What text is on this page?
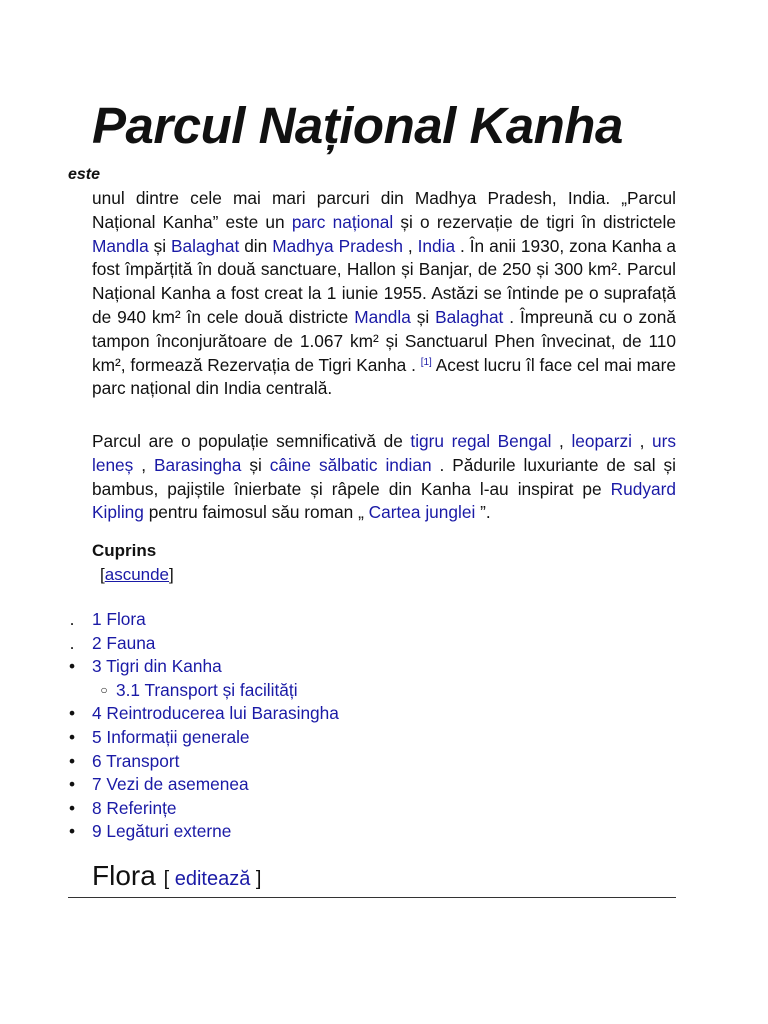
Parcul Național Kanha
este
unul dintre cele mai mari parcuri din Madhya Pradesh, India. „Parcul Național Kanha” este un parc național și o rezervație de tigri în districtele Mandla și Balaghat din Madhya Pradesh , India . În anii 1930, zona Kanha a fost împărțită în două sanctuare, Hallon și Banjar, de 250 și 300 km². Parcul Național Kanha a fost creat la 1 iunie 1955. Astăzi se întinde pe o suprafață de 940 km² în cele două districte Mandla și Balaghat . Împreună cu o zonă tampon înconjurătoare de 1.067 km² și Sanctuarul Phen învecinat, de 110 km², formează Rezervația de Tigri Kanha . [1] Acest lucru îl face cel mai mare parc național din India centrală.
Parcul are o populație semnificativă de tigru regal Bengal , leoparzi , urs leneș , Barasingha și câine sălbatic indian . Pădurile luxuriante de sal și bambus, pajiștile înierbate și râpele din Kanha l-au inspirat pe Rudyard Kipling pentru faimosul său roman „ Cartea junglei ”.
Cuprins
[ascunde]
. 1 Flora
. 2 Fauna
• 3 Tigri din Kanha
○ 3.1 Transport și facilități
• 4 Reintroducerea lui Barasingha
• 5 Informații generale
• 6 Transport
• 7 Vezi de asemenea
• 8 Referințe
• 9 Legături externe
Flora [ editează ]
